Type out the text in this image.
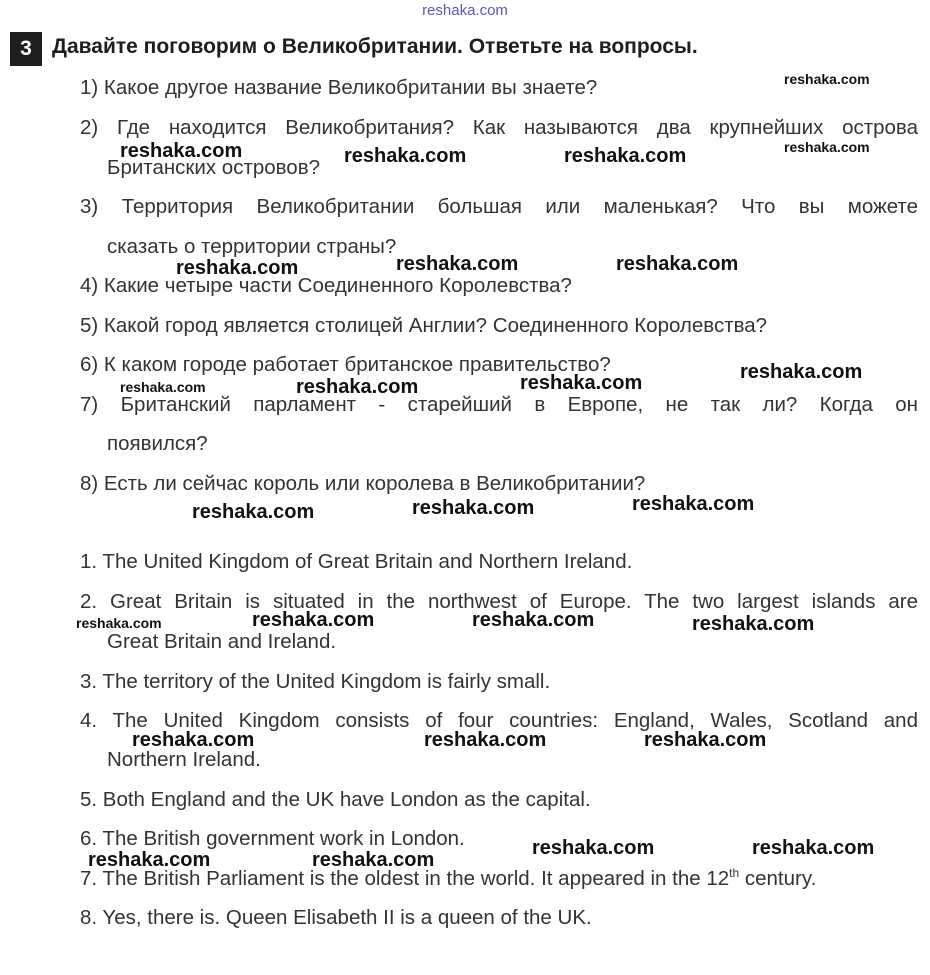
reshaka.com
3 Давайте поговорим о Великобритании. Ответьте на вопросы.
1) Какое другое название Великобритании вы знаете?
2) Где находится Великобритания? Как называются два крупнейших острова
Британских островов?
3) Территория Великобритании большая или маленькая? Что вы можете
сказать о территории страны?
4) Какие четыре части Соединенного Королевства?
5) Какой город является столицей Англии? Соединенного Королевства?
6) К каком городе работает британское правительство?
7) Британский парламент - старейший в Европе, не так ли? Когда он
появился?
8) Есть ли сейчас король или королева в Великобритании?
1. The United Kingdom of Great Britain and Northern Ireland.
2. Great Britain is situated in the northwest of Europe. The two largest islands are
Great Britain and Ireland.
3. The territory of the United Kingdom is fairly small.
4. The United Kingdom consists of four countries: England, Wales, Scotland and
Northern Ireland.
5. Both England and the UK have London as the capital.
6. The British government work in London.
7. The British Parliament is the oldest in the world. It appeared in the 12th century.
8. Yes, there is. Queen Elisabeth II is a queen of the UK.
reshaka.com
reshaka.com	reshaka.com	reshaka.com	reshaka.com
reshaka.com	reshaka.com	reshaka.com
reshaka.com
reshaka.com	reshaka.com	reshaka.com
reshaka.com	reshaka.com	reshaka.com
reshaka.com	reshaka.com	reshaka.com	reshaka.com
reshaka.com	reshaka.com	reshaka.com
reshaka.com	reshaka.com
reshaka.com	reshaka.com
